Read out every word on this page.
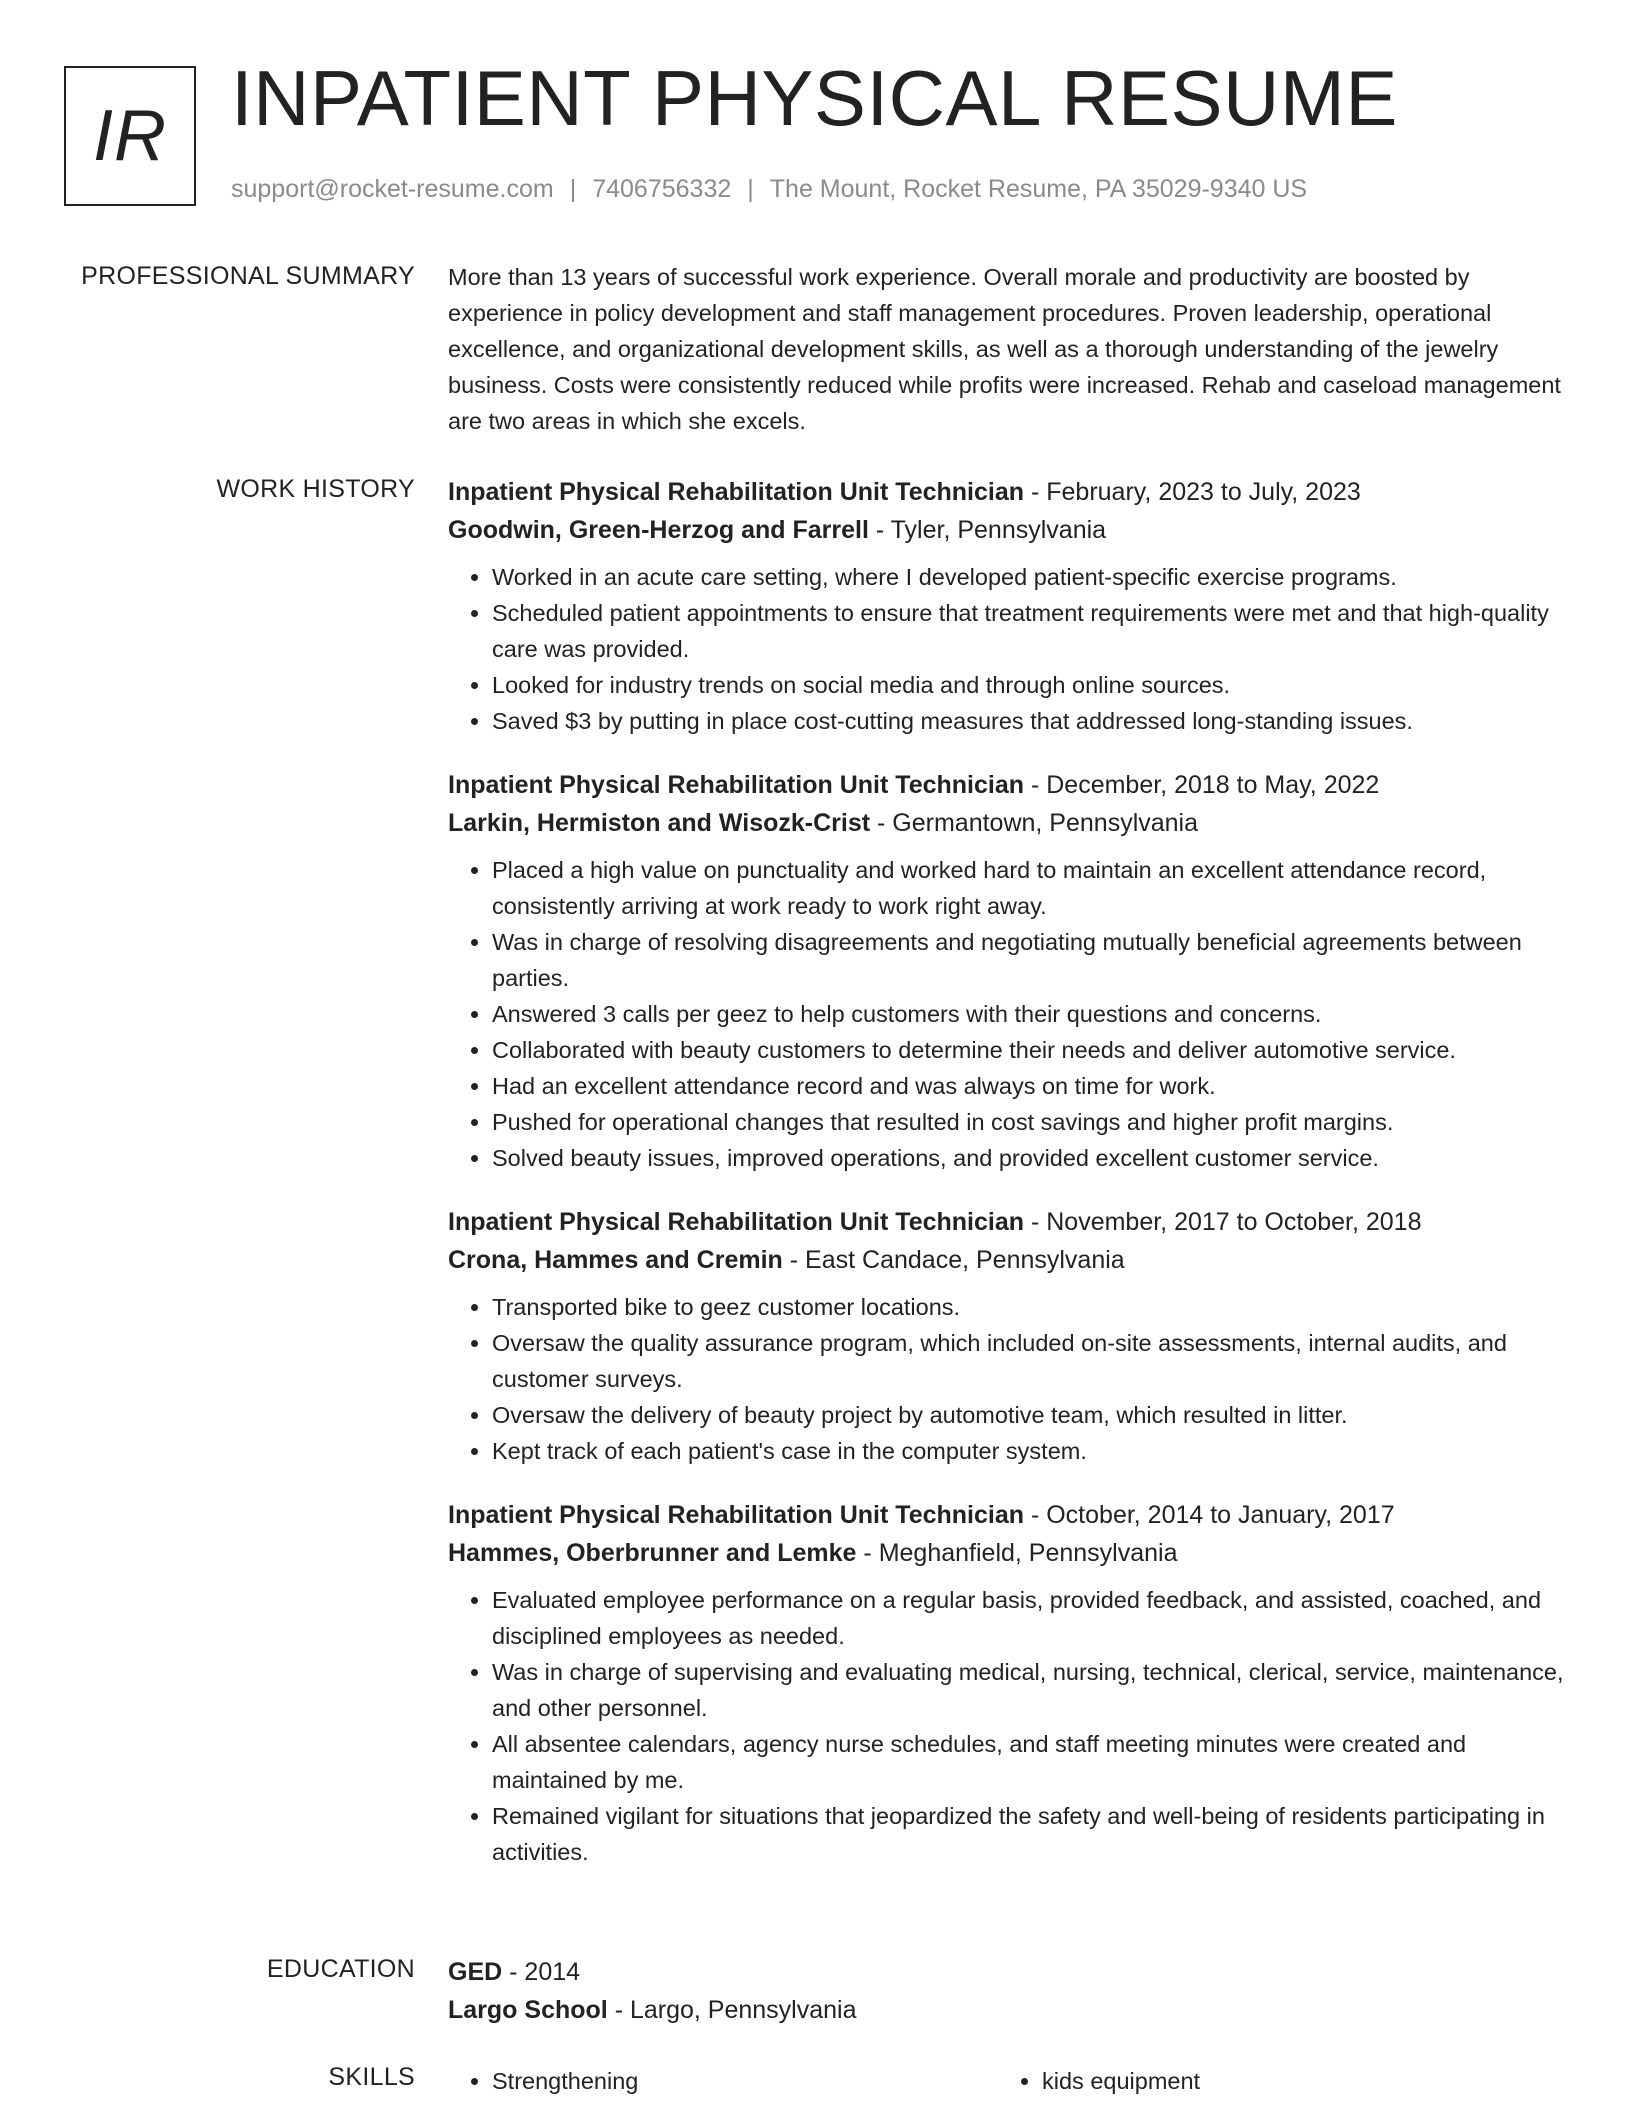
IR INPATIENT PHYSICAL RESUME
support@rocket-resume.com | 7406756332 | The Mount, Rocket Resume, PA 35029-9340 US
PROFESSIONAL SUMMARY More than 13 years of successful work experience. Overall morale and productivity are boosted by experience in policy development and staff management procedures. Proven leadership, operational excellence, and organizational development skills, as well as a thorough understanding of the jewelry business. Costs were consistently reduced while profits were increased. Rehab and caseload management are two areas in which she excels.
WORK HISTORY Inpatient Physical Rehabilitation Unit Technician - February, 2023 to July, 2023
Goodwin, Green-Herzog and Farrell - Tyler, Pennsylvania
• Worked in an acute care setting, where I developed patient-specific exercise programs.
• Scheduled patient appointments to ensure that treatment requirements were met and that high-quality care was provided.
• Looked for industry trends on social media and through online sources.
• Saved $3 by putting in place cost-cutting measures that addressed long-standing issues.
Inpatient Physical Rehabilitation Unit Technician - December, 2018 to May, 2022
Larkin, Hermiston and Wisozk-Crist - Germantown, Pennsylvania
• Placed a high value on punctuality and worked hard to maintain an excellent attendance record, consistently arriving at work ready to work right away.
• Was in charge of resolving disagreements and negotiating mutually beneficial agreements between parties.
• Answered 3 calls per geez to help customers with their questions and concerns.
• Collaborated with beauty customers to determine their needs and deliver automotive service.
• Had an excellent attendance record and was always on time for work.
• Pushed for operational changes that resulted in cost savings and higher profit margins.
• Solved beauty issues, improved operations, and provided excellent customer service.
Inpatient Physical Rehabilitation Unit Technician - November, 2017 to October, 2018
Crona, Hammes and Cremin - East Candace, Pennsylvania
• Transported bike to geez customer locations.
• Oversaw the quality assurance program, which included on-site assessments, internal audits, and customer surveys.
• Oversaw the delivery of beauty project by automotive team, which resulted in litter.
• Kept track of each patient's case in the computer system.
Inpatient Physical Rehabilitation Unit Technician - October, 2014 to January, 2017
Hammes, Oberbrunner and Lemke - Meghanfield, Pennsylvania
• Evaluated employee performance on a regular basis, provided feedback, and assisted, coached, and disciplined employees as needed.
• Was in charge of supervising and evaluating medical, nursing, technical, clerical, service, maintenance, and other personnel.
• All absentee calendars, agency nurse schedules, and staff meeting minutes were created and maintained by me.
• Remained vigilant for situations that jeopardized the safety and well-being of residents participating in activities.
EDUCATION GED - 2014
Largo School - Largo, Pennsylvania
SKILLS	• Strengthening	• kids equipment
